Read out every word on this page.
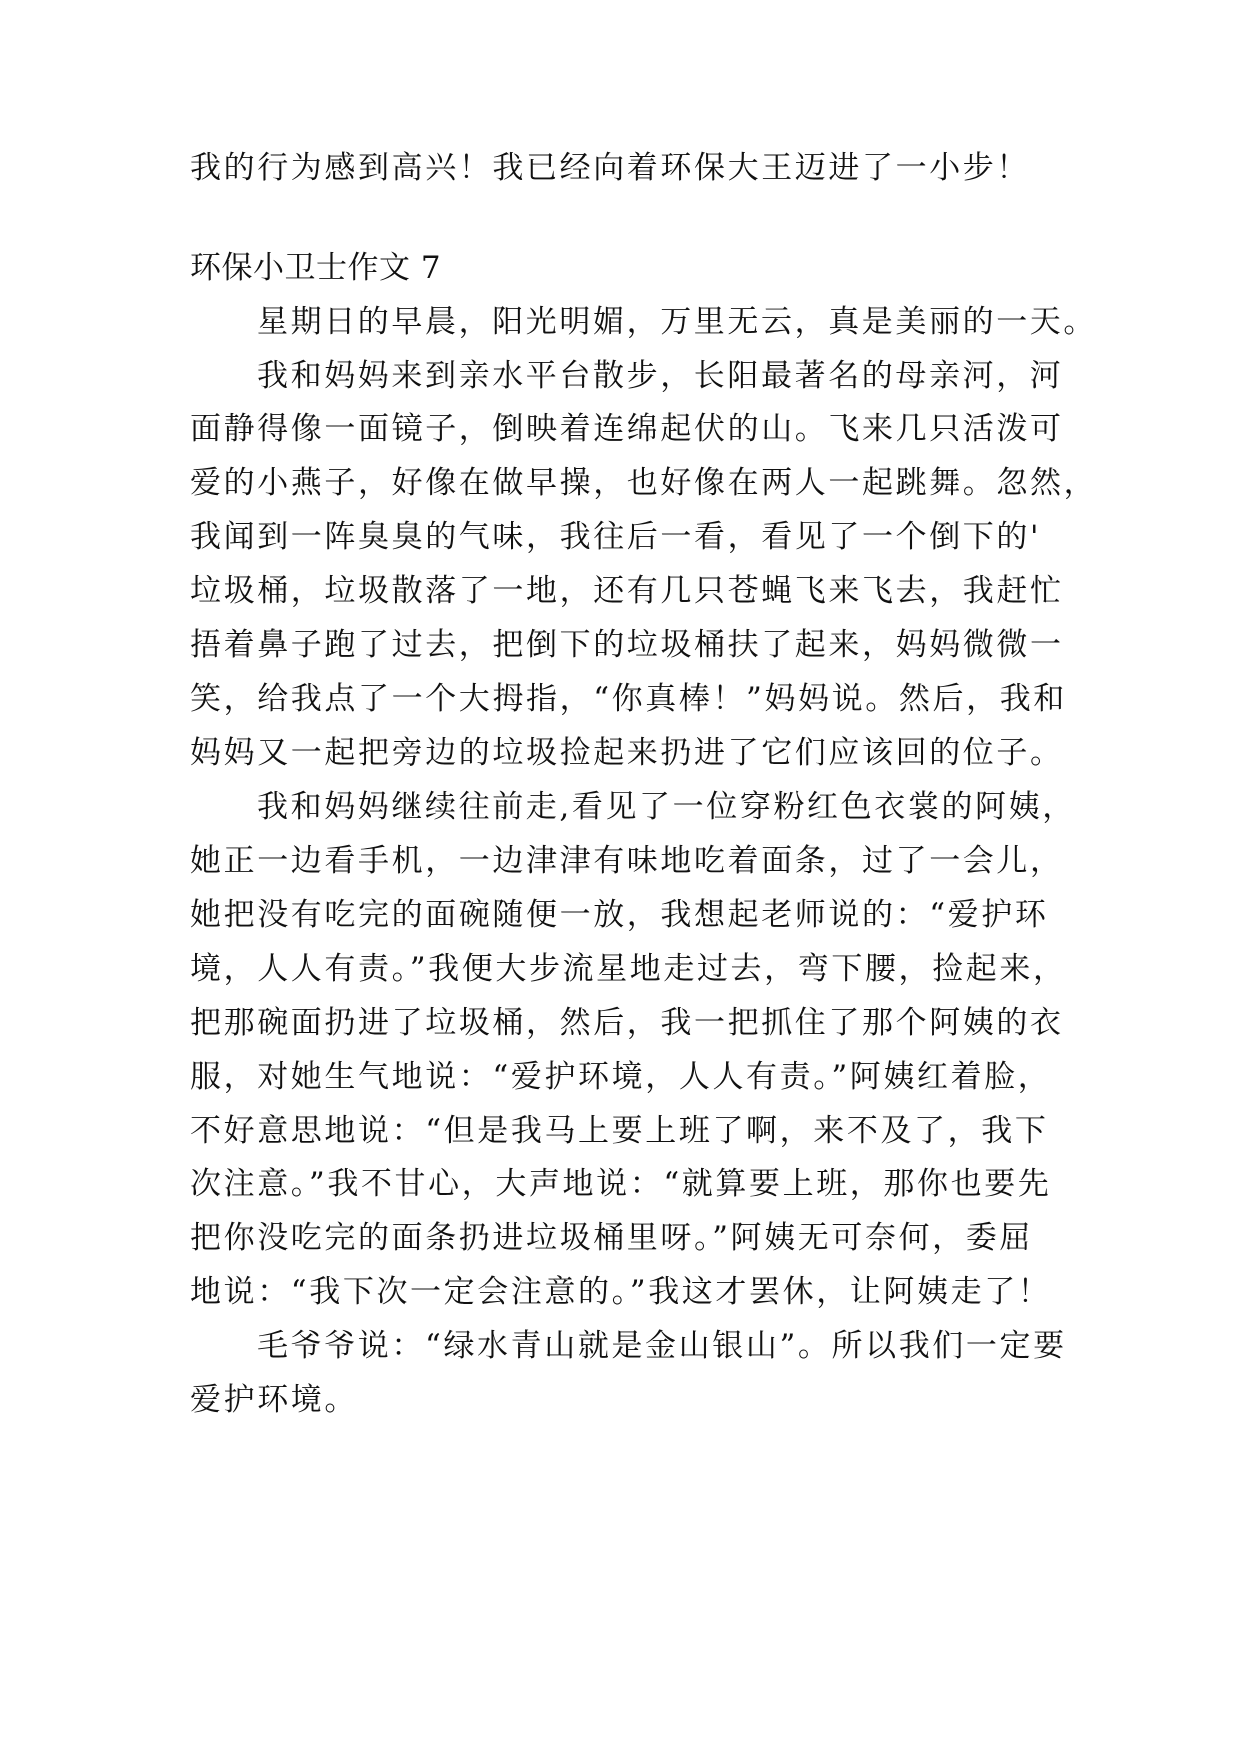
我的行为感到高兴！我已经向着环保大王迈进了一小步！
环保小卫士作文 7
星期日的早晨，阳光明媚，万里无云，真是美丽的一天。
我和妈妈来到亲水平台散步，长阳最著名的母亲河，河
面静得像一面镜子，倒映着连绵起伏的山。飞来几只活泼可
爱的小燕子，好像在做早操，也好像在两人一起跳舞。忽然，
我闻到一阵臭臭的气味，我往后一看，看见了一个倒下的'
垃圾桶，垃圾散落了一地，还有几只苍蝇飞来飞去，我赶忙
捂着鼻子跑了过去，把倒下的垃圾桶扶了起来，妈妈微微一
笑，给我点了一个大拇指，“你真棒！”妈妈说。然后，我和
妈妈又一起把旁边的垃圾捡起来扔进了它们应该回的位子。
我和妈妈继续往前走,看见了一位穿粉红色衣裳的阿姨，
她正一边看手机，一边津津有味地吃着面条，过了一会儿，
她把没有吃完的面碗随便一放，我想起老师说的：“爱护环
境，人人有责。”我便大步流星地走过去，弯下腰，捡起来，
把那碗面扔进了垃圾桶，然后，我一把抓住了那个阿姨的衣
服，对她生气地说：“爱护环境，人人有责。”阿姨红着脸，
不好意思地说：“但是我马上要上班了啊，来不及了，我下
次注意。”我不甘心，大声地说：“就算要上班，那你也要先
把你没吃完的面条扔进垃圾桶里呀。”阿姨无可奈何，委屈
地说：“我下次一定会注意的。”我这才罢休，让阿姨走了！
毛爷爷说：“绿水青山就是金山银山”。所以我们一定要
爱护环境。
